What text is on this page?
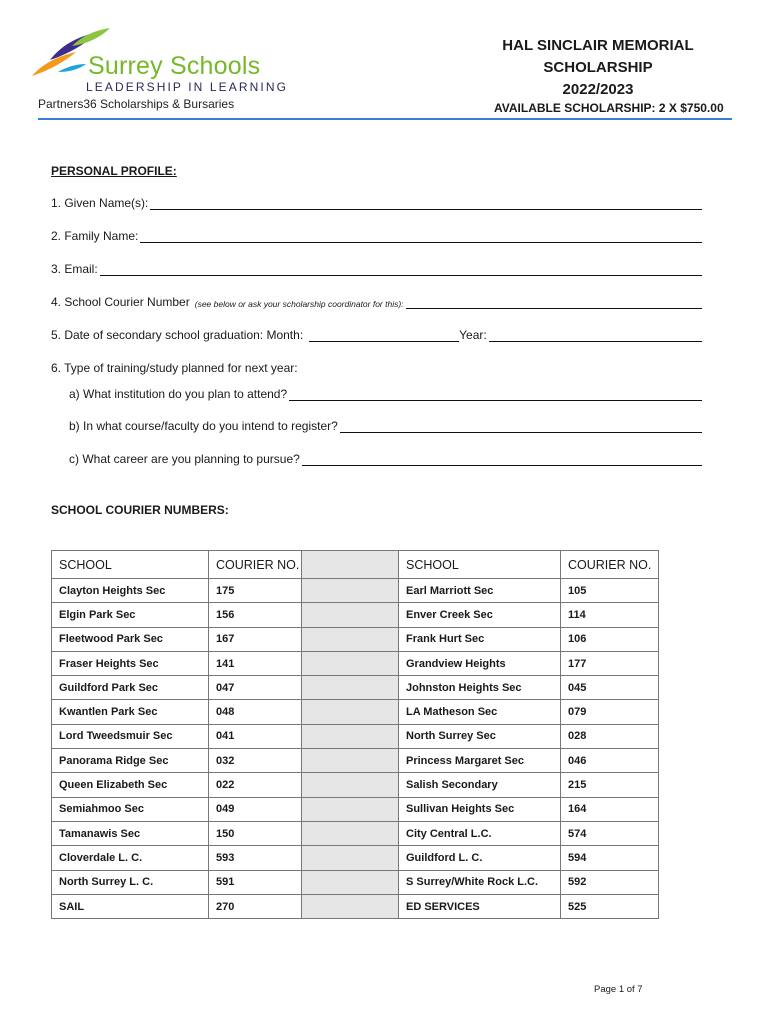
Surrey Schools
LEADERSHIP IN LEARNING
Partners36 Scholarships & Bursaries
HAL SINCLAIR MEMORIAL
SCHOLARSHIP
2022/2023
AVAILABLE SCHOLARSHIP: 2 X $750.00
PERSONAL PROFILE:
1. Given Name(s):
2. Family Name:
3. Email:
4. School Courier Number (see below or ask your scholarship coordinator for this):
5. Date of secondary school graduation: Month:	Year:
6. Type of training/study planned for next year:
a) What institution do you plan to attend?
b) In what course/faculty do you intend to register?
c) What career are you planning to pursue?
SCHOOL COURIER NUMBERS:
SCHOOL	COURIER NO.		SCHOOL	COURIER NO.
Clayton Heights Sec	175		Earl Marriott Sec	105
Elgin Park Sec	156		Enver Creek Sec	114
Fleetwood Park Sec	167		Frank Hurt Sec	106
Fraser Heights Sec	141		Grandview Heights	177
Guildford Park Sec	047		Johnston Heights Sec	045
Kwantlen Park Sec	048		LA Matheson Sec	079
Lord Tweedsmuir Sec	041		North Surrey Sec	028
Panorama Ridge Sec	032		Princess Margaret Sec	046
Queen Elizabeth Sec	022		Salish Secondary	215
Semiahmoo Sec	049		Sullivan Heights Sec	164
Tamanawis Sec	150		City Central L.C.	574
Cloverdale L. C.	593		Guildford L. C.	594
North Surrey L. C.	591		S Surrey/White Rock L.C.	592
SAIL	270		ED SERVICES	525
Page 1 of 7
